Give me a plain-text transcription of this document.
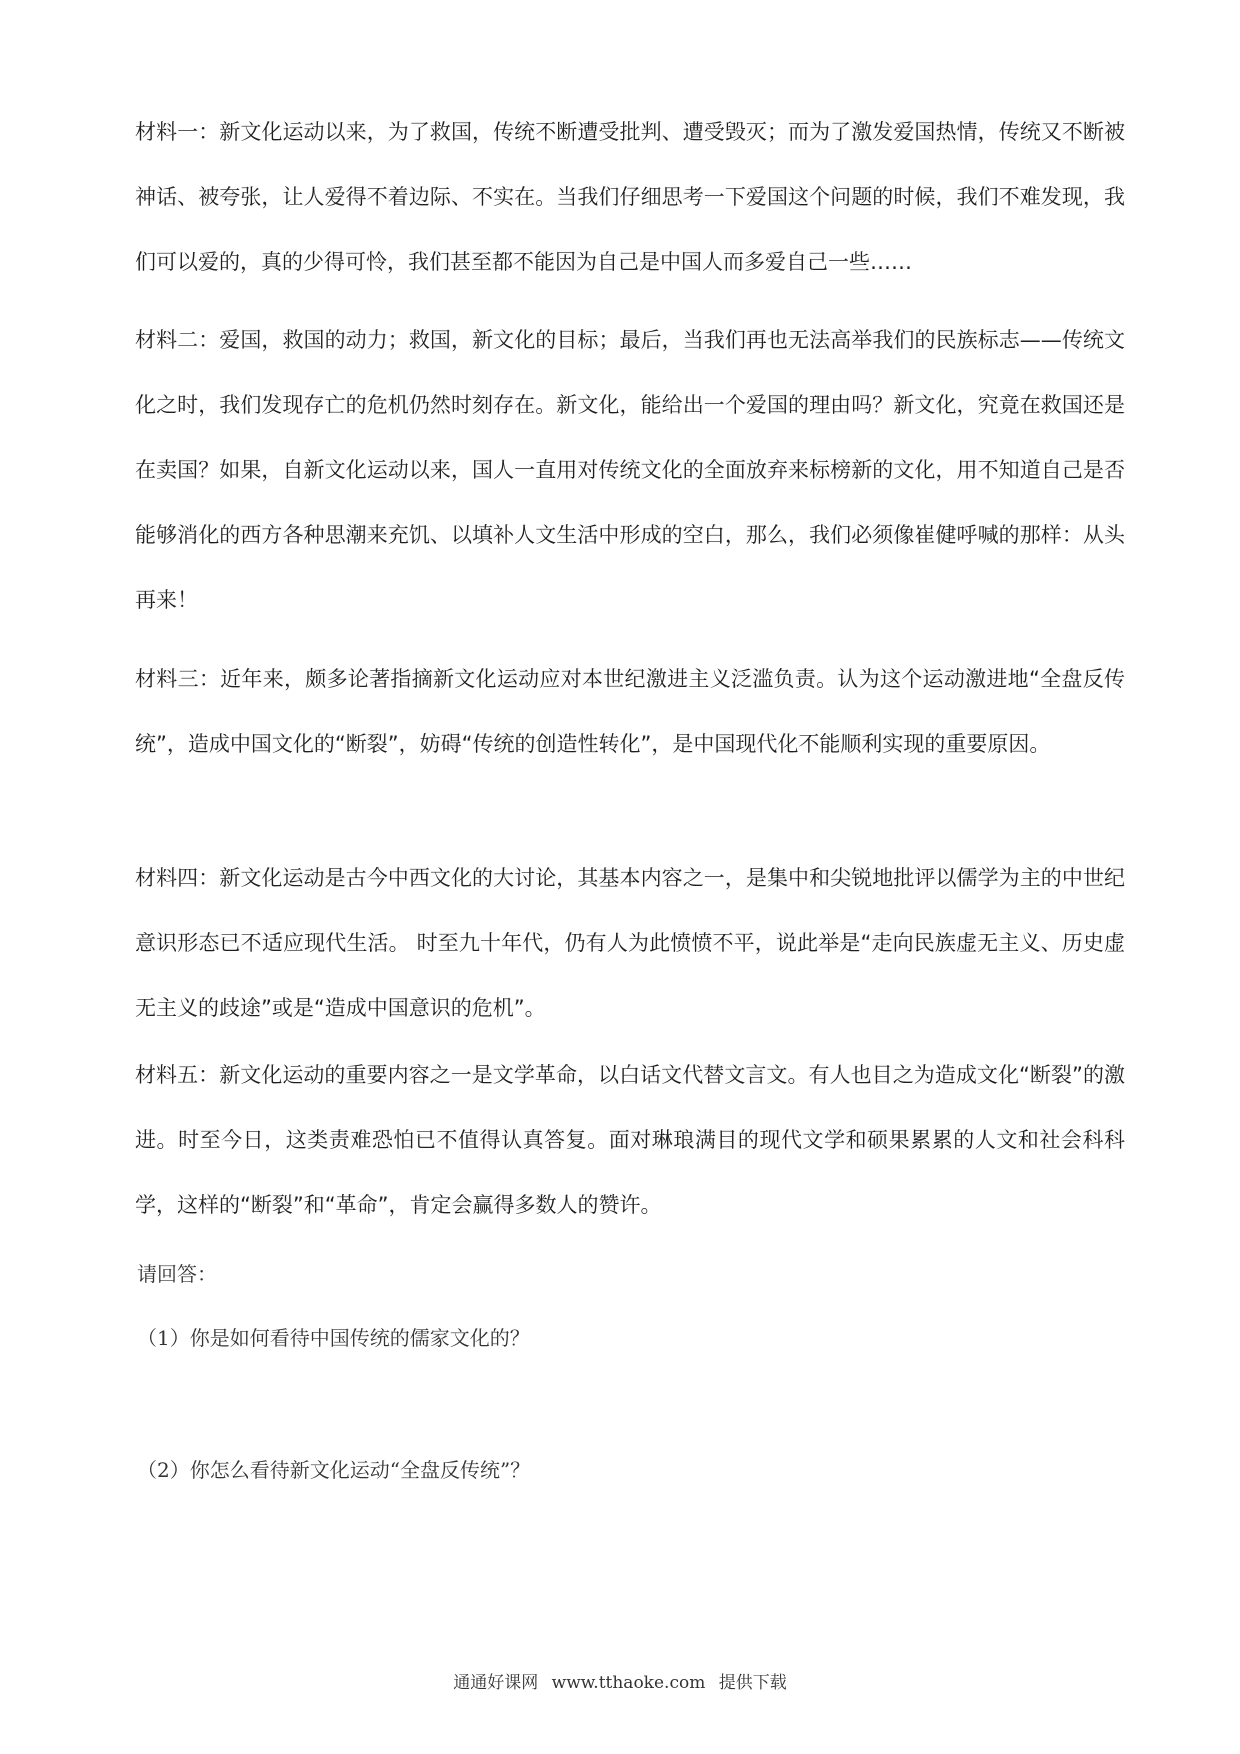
材料一：新文化运动以来，为了救国，传统不断遭受批判、遭受毁灭；而为了激发爱国热情，传统又不断被神话、被夸张，让人爱得不着边际、不实在。当我们仔细思考一下爱国这个问题的时候，我们不难发现，我们可以爱的，真的少得可怜，我们甚至都不能因为自己是中国人而多爱自己一些……

材料二：爱国，救国的动力；救国，新文化的目标；最后，当我们再也无法高举我们的民族标志——传统文化之时，我们发现存亡的危机仍然时刻存在。新文化，能给出一个爱国的理由吗？新文化，究竟在救国还是在卖国？如果，自新文化运动以来，国人一直用对传统文化的全面放弃来标榜新的文化，用不知道自己是否能够消化的西方各种思潮来充饥、以填补人文生活中形成的空白，那么，我们必须像崔健呼喊的那样：从头再来！

材料三：近年来，颇多论著指摘新文化运动应对本世纪激进主义泛滥负责。认为这个运动激进地“全盘反传统”，造成中国文化的“断裂”，妨碍“传统的创造性转化”，是中国现代化不能顺利实现的重要原因。

材料四：新文化运动是古今中西文化的大讨论，其基本内容之一，是集中和尖锐地批评以儒学为主的中世纪意识形态已不适应现代生活。 时至九十年代，仍有人为此愤愤不平，说此举是“走向民族虚无主义、历史虚无主义的歧途”或是“造成中国意识的危机”。

材料五：新文化运动的重要内容之一是文学革命，以白话文代替文言文。有人也目之为造成文化“断裂”的激进。时至今日，这类责难恐怕已不值得认真答复。面对琳琅满目的现代文学和硕果累累的人文和社会科科学，这样的“断裂”和“革命”，肯定会赢得多数人的赞许。

请回答：

（1）你是如何看待中国传统的儒家文化的？

（2）你怎么看待新文化运动“全盘反传统”？

通通好课网 www.tthaoke.com 提供下载
